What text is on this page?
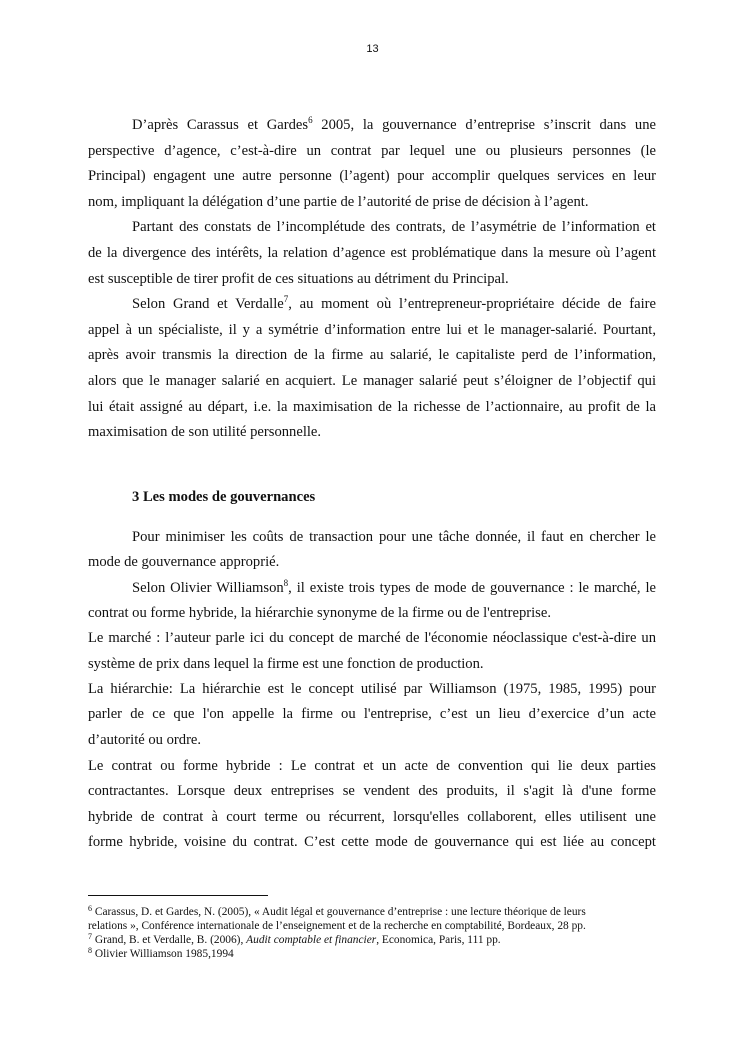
13
D’après Carassus et Gardes$^6$ 2005, la gouvernance d’entreprise s’inscrit dans une
perspective d’agence, c’est-à-dire un contrat par lequel une ou plusieurs personnes (le
Principal) engagent une autre personne (l’agent) pour accomplir quelques services en leur
nom, impliquant la délégation d’une partie de l’autorité de prise de décision à l’agent.
Partant des constats de l’incomplétude des contrats, de l’asymétrie de l’information et
de la divergence des intérêts, la relation d’agence est problématique dans la mesure où l’agent
est susceptible de tirer profit de ces situations au détriment du Principal.
Selon Grand et Verdalle$^7$, au moment où l’entrepreneur-propriétaire décide de faire
appel à un spécialiste, il y a symétrie d’information entre lui et le manager-salarié. Pourtant,
après avoir transmis la direction de la firme au salarié, le capitaliste perd de l’information,
alors que le manager salarié en acquiert. Le manager salarié peut s’éloigner de l’objectif qui
lui était assigné au départ, i.e. la maximisation de la richesse de l’actionnaire, au profit de la
maximisation de son utilité personnelle.
3 Les modes de gouvernances
Pour minimiser les coûts de transaction pour une tâche donnée, il faut en chercher le
mode de gouvernance approprié.
Selon Olivier Williamson$^8$, il existe trois types de mode de gouvernance : le marché, le
contrat ou forme hybride, la hiérarchie synonyme de la firme ou de l'entreprise.
Le marché : l’auteur parle ici du concept de marché de l'économie néoclassique c'est-à-dire un
système de prix dans lequel la firme est une fonction de production.
La hiérarchie: La hiérarchie est le concept utilisé par Williamson (1975, 1985, 1995) pour
parler de ce que l'on appelle la firme ou l'entreprise, c’est un lieu d’exercice d’un acte
d’autorité ou ordre.
Le contrat ou forme hybride : Le contrat et un acte de convention qui lie deux parties
contractantes. Lorsque deux entreprises se vendent des produits, il s'agit là d'une forme
hybride de contrat à court terme ou récurrent, lorsqu'elles collaborent, elles utilisent une
forme hybride, voisine du contrat. C’est cette mode de gouvernance qui est liée au concept
$^6$ Carassus, D. et Gardes, N. (2005), « Audit légal et gouvernance d’entreprise : une lecture théorique de leurs
relations », Conférence internationale de l’enseignement et de la recherche en comptabilité, Bordeaux, 28 pp.
$^7$ Grand, B. et Verdalle, B. (2006), Audit comptable et financier, Economica, Paris, 111 pp.
$^8$ Olivier Williamson 1985,1994
